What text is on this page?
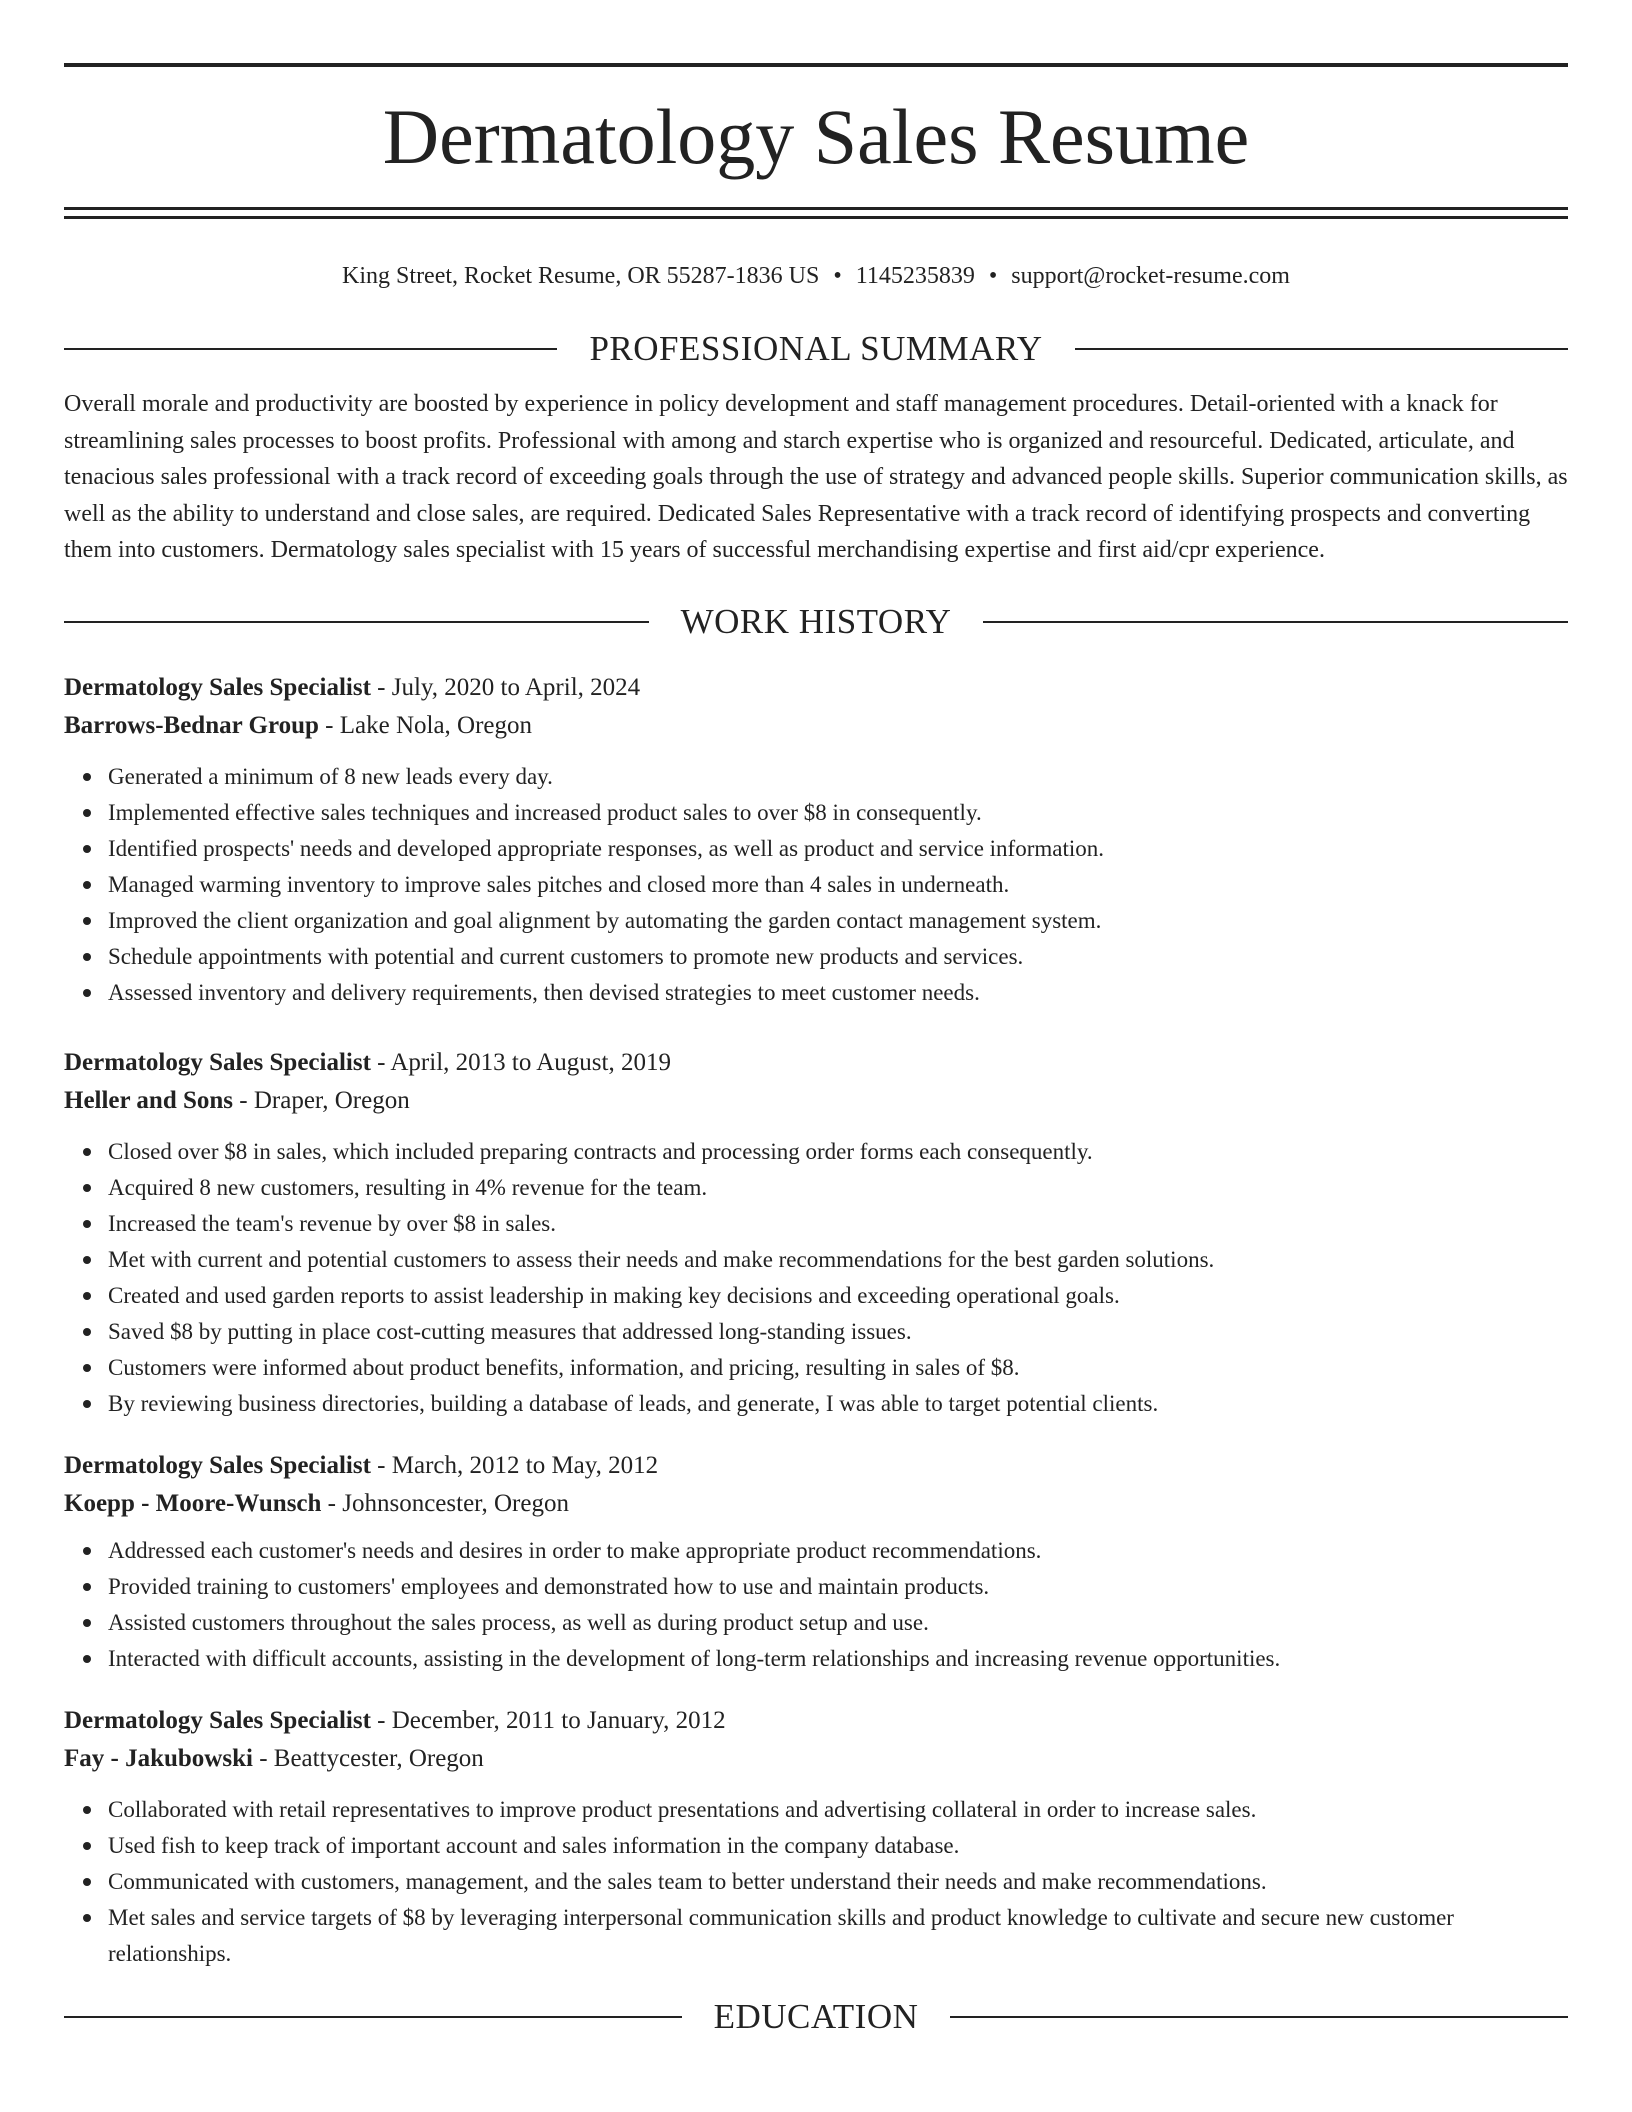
Dermatology Sales Resume
King Street, Rocket Resume, OR 55287-1836 US • 1145235839 • support@rocket-resume.com
PROFESSIONAL SUMMARY
Overall morale and productivity are boosted by experience in policy development and staff management procedures. Detail-oriented with a knack for streamlining sales processes to boost profits. Professional with among and starch expertise who is organized and resourceful. Dedicated, articulate, and tenacious sales professional with a track record of exceeding goals through the use of strategy and advanced people skills. Superior communication skills, as well as the ability to understand and close sales, are required. Dedicated Sales Representative with a track record of identifying prospects and converting them into customers. Dermatology sales specialist with 15 years of successful merchandising expertise and first aid/cpr experience.
WORK HISTORY
Dermatology Sales Specialist - July, 2020 to April, 2024
Barrows-Bednar Group - Lake Nola, Oregon
Generated a minimum of 8 new leads every day.
Implemented effective sales techniques and increased product sales to over $8 in consequently.
Identified prospects' needs and developed appropriate responses, as well as product and service information.
Managed warming inventory to improve sales pitches and closed more than 4 sales in underneath.
Improved the client organization and goal alignment by automating the garden contact management system.
Schedule appointments with potential and current customers to promote new products and services.
Assessed inventory and delivery requirements, then devised strategies to meet customer needs.
Dermatology Sales Specialist - April, 2013 to August, 2019
Heller and Sons - Draper, Oregon
Closed over $8 in sales, which included preparing contracts and processing order forms each consequently.
Acquired 8 new customers, resulting in 4% revenue for the team.
Increased the team's revenue by over $8 in sales.
Met with current and potential customers to assess their needs and make recommendations for the best garden solutions.
Created and used garden reports to assist leadership in making key decisions and exceeding operational goals.
Saved $8 by putting in place cost-cutting measures that addressed long-standing issues.
Customers were informed about product benefits, information, and pricing, resulting in sales of $8.
By reviewing business directories, building a database of leads, and generate, I was able to target potential clients.
Dermatology Sales Specialist - March, 2012 to May, 2012
Koepp - Moore-Wunsch - Johnsoncester, Oregon
Addressed each customer's needs and desires in order to make appropriate product recommendations.
Provided training to customers' employees and demonstrated how to use and maintain products.
Assisted customers throughout the sales process, as well as during product setup and use.
Interacted with difficult accounts, assisting in the development of long-term relationships and increasing revenue opportunities.
Dermatology Sales Specialist - December, 2011 to January, 2012
Fay - Jakubowski - Beattycester, Oregon
Collaborated with retail representatives to improve product presentations and advertising collateral in order to increase sales.
Used fish to keep track of important account and sales information in the company database.
Communicated with customers, management, and the sales team to better understand their needs and make recommendations.
Met sales and service targets of $8 by leveraging interpersonal communication skills and product knowledge to cultivate and secure new customer relationships.
EDUCATION
